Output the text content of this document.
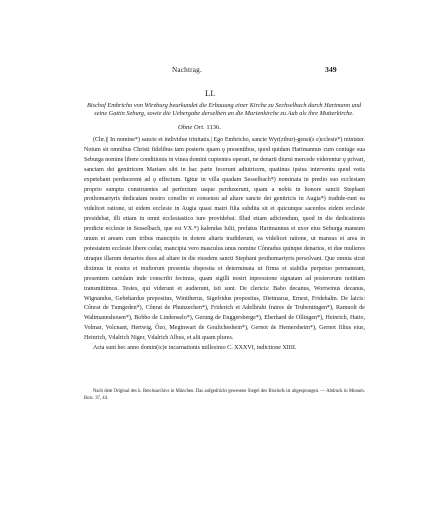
Nachtrag.	349
LI.
Bischof Embricho von Wirzburg beurkundet die Erbauung einer Kirche zu Sechselbach durch Hartmann und seine Gattin Seburg, sowie die Uebergabe derselben an die Marienkirche zu Aub als ihre Mutterkirche.
Ohne Ort. 1136.

(Chr.)| In nomine*) sancte et individue trinitatis.| Ego Embricho, sancte Wyr(zibur)-gensi(s e)cclesie*) minister. Notum sit omnibus Christi fidelibus tam posteris quam ǫ presentibus, quod quidam Harimannus cum coniuge sua Seburga nomine libere conditionis in vinea domini cupientes operari, ne denarii diurni mercede viderentur ǫ privari, sanctam dei genitricem Mariam sibi in hac parte fecerunt adiutricem, quatinus ipsius interventu quod votis expetebant perducerent ad ǫ effectum. Igitur in villa quadam Sesselbach*) nominata in predio suo ecclesiam proprio sumptu construentes ad perfectum usque perduxerunt, quam a nobis in honore sancti Stephani prothomartyris dedicatam nostro consilio et consensu ad altare sancte dei genitricis in Augia*) tradide-runt ea videlicet ratione, ut eidem ecclesie in Augia quasi matri filia subdita sit et quicunque sacerdos eidem ecclesie presidebat, illi etiam in omni ecclesiastico iure providebat. Illud etiam adiciendum, quod in die dedicationis predicte ecclesie in Sesselbach, que est VX.*) kalendas Iulii, prefatus Harimannus et uxor eius Seburga mansum unum et aream cum tribus mancipiis in dotem altaris tradiderunt, ea videlicet ratione, ut mansus et area in potestatem ecclesie libere cedat, mancipia vero masculus unus nomine Cônradus quinque denarios, et due mulieres utraque illarum denarios duos ad altare in die eiusdem sancti Stephani prothomartyris persolvant. Que omnia sicut diximus in nostra et multorum presentia disposita et determinata ut firma et stabilia perpetuo permaneant, presentem cartulam inde conscribi fecimus, quam sigilli nostri inpressione signatam ad posterorum notitiam transmittimus. Testes, qui viderunt et audierunt, isti sunt. De clericis: Babo decanus, Wortwinus decanus, Wignandus, Gebehardus prepositus, Winitherus, Sigefridus prepositus, Dietmarus, Ernest, Fridehalm. De laicis: Cônrat de Tumgeden*), Cônrat de Phunzechen*), Friderich et Adelbraht fratres de Trubentingen*), Ramuolt de Waltmannshouen*), Bobbo de Lindenselo*), Gerung de Enggersberge*), Eberhard de Ollingen*), Heinrich, Hatto, Volmar, Volcnant, Hertwig, Ôzo, Meginwart de Goulicheshein*), Gernot de Hemersheim*), Gernot filius eius, Heinrich, Vdalrich Niger, Vdalrich Albus, et alii quam plures.

Acta sunt hec anno domin(ic)e incarnationis millesimo C. XXXVI, indictione XIIII.

Nach dem Original des k. Reichsarchivs in München. Das aufgedrückt gewesene Siegel des Bischofs ist abgesprungen. — Abdruck in Monum. Boic. 37, 44.
